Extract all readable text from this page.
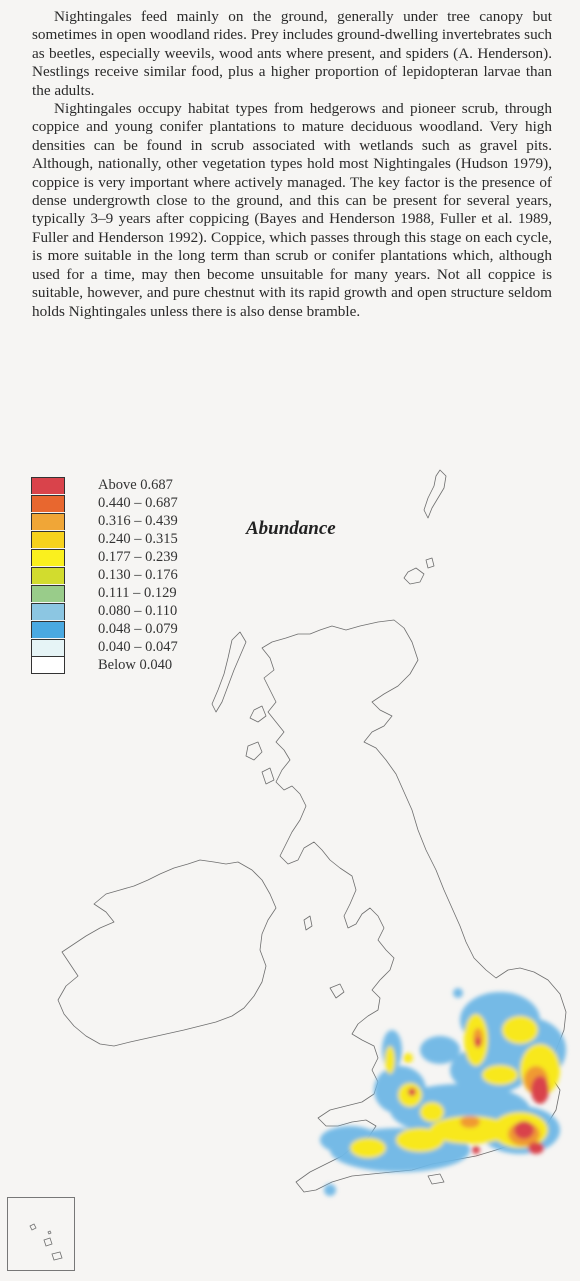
Nightingales feed mainly on the ground, generally under tree canopy but sometimes in open woodland rides. Prey includes ground-dwelling invertebrates such as beetles, especially weevils, wood ants where present, and spiders (A. Henderson). Nestlings receive similar food, plus a higher proportion of lepidopteran larvae than the adults.

Nightingales occupy habitat types from hedgerows and pioneer scrub, through coppice and young conifer plantations to mature deciduous woodland. Very high densities can be found in scrub associated with wetlands such as gravel pits. Although, nationally, other vegetation types hold most Nightingales (Hudson 1979), coppice is very important where actively managed. The key factor is the presence of dense undergrowth close to the ground, and this can be present for several years, typically 3–9 years after coppicing (Bayes and Henderson 1988, Fuller et al. 1989, Fuller and Henderson 1992). Coppice, which passes through this stage on each cycle, is more suitable in the long term than scrub or conifer plantations which, although used for a time, may then become unsuitable for many years. Not all coppice is suitable, however, and pure chestnut with its rapid growth and open structure seldom holds Nightingales unless there is also dense bramble.

Above 0.687
0.440 – 0.687
0.316 – 0.439
0.240 – 0.315
0.177 – 0.239
0.130 – 0.176
0.111 – 0.129
0.080 – 0.110
0.048 – 0.079
0.040 – 0.047
Below 0.040
Abundance
